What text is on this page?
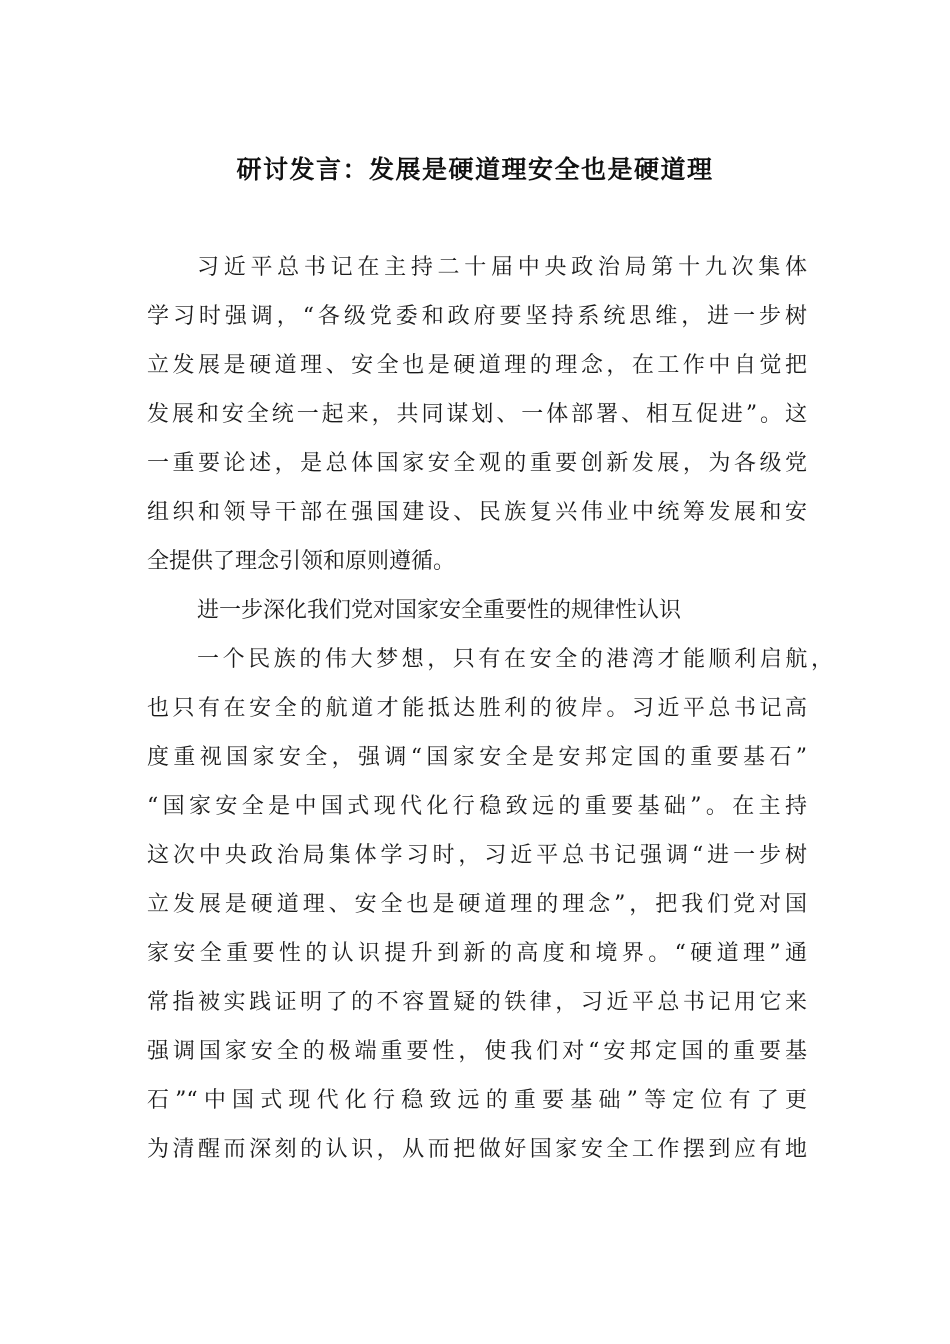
研讨发言：发展是硬道理安全也是硬道理
习近平总书记在主持二十届中央政治局第十九次集体
学习时强调，“各级党委和政府要坚持系统思维，进一步树
立发展是硬道理、安全也是硬道理的理念，在工作中自觉把
发展和安全统一起来，共同谋划、一体部署、相互促进”。这
一重要论述，是总体国家安全观的重要创新发展，为各级党
组织和领导干部在强国建设、民族复兴伟业中统筹发展和安
全提供了理念引领和原则遵循。
进一步深化我们党对国家安全重要性的规律性认识
一个民族的伟大梦想，只有在安全的港湾才能顺利启航，
也只有在安全的航道才能抵达胜利的彼岸。习近平总书记高
度重视国家安全，强调“国家安全是安邦定国的重要基石”
“国家安全是中国式现代化行稳致远的重要基础”。在主持
这次中央政治局集体学习时，习近平总书记强调“进一步树
立发展是硬道理、安全也是硬道理的理念”，把我们党对国
家安全重要性的认识提升到新的高度和境界。“硬道理”通
常指被实践证明了的不容置疑的铁律，习近平总书记用它来
强调国家安全的极端重要性，使我们对“安邦定国的重要基
石”“中国式现代化行稳致远的重要基础”等定位有了更
为清醒而深刻的认识，从而把做好国家安全工作摆到应有地
